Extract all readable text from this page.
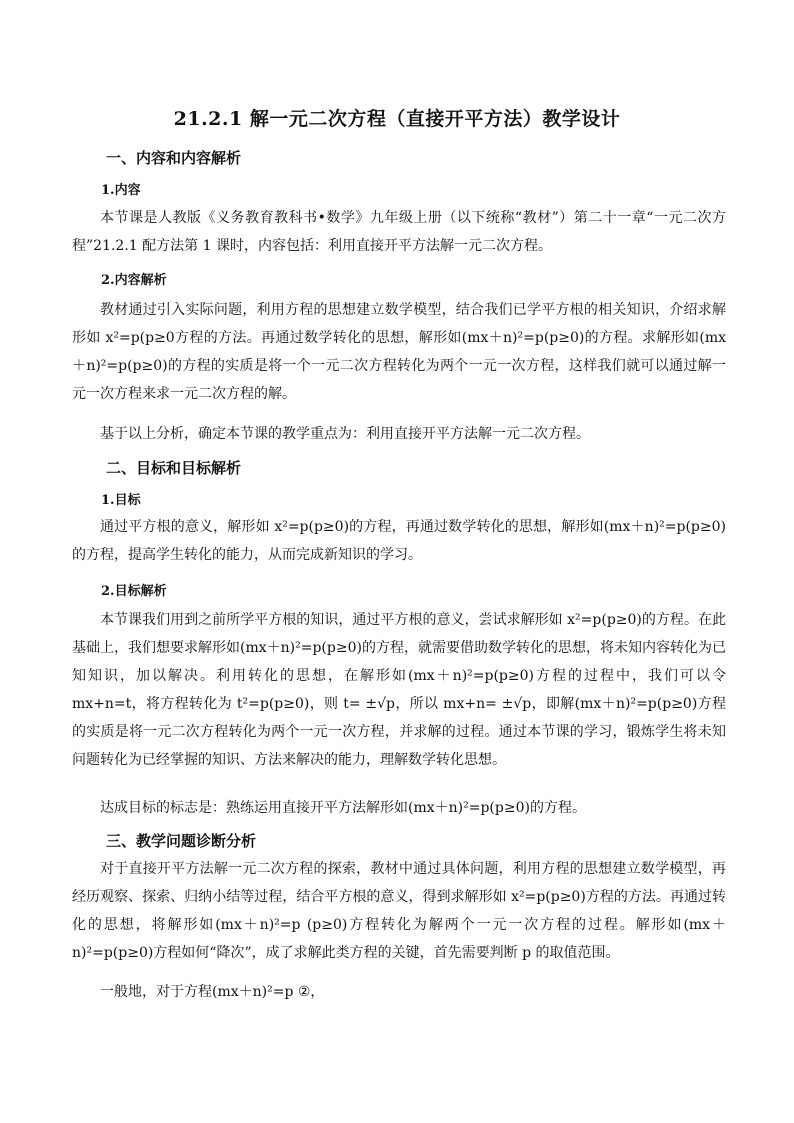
21.2.1 解一元二次方程（直接开平方法）教学设计
一、内容和内容解析
1.内容
本节课是人教版《义务教育教科书•数学》九年级上册（以下统称“教材”）第二十一章“一元二次方程”21.2.1 配方法第 1 课时，内容包括：利用直接开平方法解一元二次方程。
2.内容解析
教材通过引入实际问题，利用方程的思想建立数学模型，结合我们已学平方根的相关知识，介绍求解形如 x²=p(p≥0方程的方法。再通过数学转化的思想，解形如(mx＋n)²=p(p≥0)的方程。求解形如(mx＋n)²=p(p≥0)的方程的实质是将一个一元二次方程转化为两个一元一次方程，这样我们就可以通过解一元一次方程来求一元二次方程的解。
基于以上分析，确定本节课的教学重点为：利用直接开平方法解一元二次方程。
二、目标和目标解析
1.目标
通过平方根的意义，解形如 x²=p(p≥0)的方程，再通过数学转化的思想，解形如(mx＋n)²=p(p≥0)的方程，提高学生转化的能力，从而完成新知识的学习。
2.目标解析
本节课我们用到之前所学平方根的知识，通过平方根的意义，尝试求解形如 x²=p(p≥0)的方程。在此基础上，我们想要求解形如(mx＋n)²=p(p≥0)的方程，就需要借助数学转化的思想，将未知内容转化为已知知识，加以解决。利用转化的思想，在解形如(mx＋n)²=p(p≥0)方程的过程中，我们可以令 mx+n=t，将方程转化为 t²=p(p≥0)，则 t= ±√p，所以 mx+n= ±√p，即解(mx＋n)²=p(p≥0)方程的实质是将一元二次方程转化为两个一元一次方程，并求解的过程。通过本节课的学习，锻炼学生将未知问题转化为已经掌握的知识、方法来解决的能力，理解数学转化思想。
达成目标的标志是：熟练运用直接开平方法解形如(mx＋n)²=p(p≥0)的方程。
三、教学问题诊断分析
对于直接开平方法解一元二次方程的探索，教材中通过具体问题，利用方程的思想建立数学模型，再经历观察、探索、归纳小结等过程，结合平方根的意义，得到求解形如 x²=p(p≥0)方程的方法。再通过转化的思想，将解形如(mx＋n)²=p (p≥0)方程转化为解两个一元一次方程的过程。解形如(mx＋n)²=p(p≥0)方程如何“降次”，成了求解此类方程的关键，首先需要判断 p 的取值范围。
一般地，对于方程(mx＋n)²=p ②，
